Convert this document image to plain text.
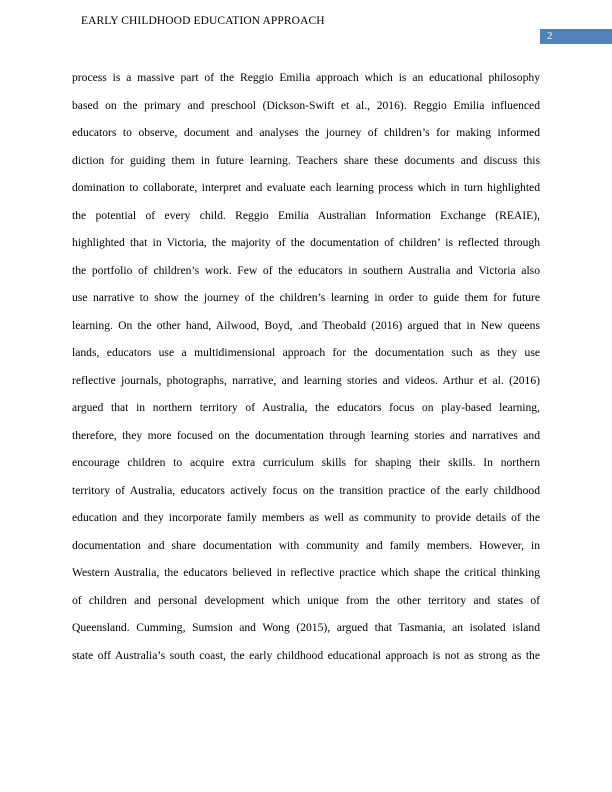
EARLY CHILDHOOD EDUCATION APPROACH
2
process is a massive part of the Reggio Emilia approach which is an educational philosophy
based on the primary and preschool (Dickson-Swift et al., 2016). Reggio Emilia influenced
educators to observe, document and analyses the journey of children’s for making informed
diction for guiding them in future learning. Teachers share these documents and discuss this
domination to collaborate, interpret and evaluate each learning process which in turn highlighted
the potential of every child. Reggio Emilia Australian Information Exchange (REAIE),
highlighted that in Victoria, the majority of the documentation of children’ is reflected through
the portfolio of children’s work. Few of the educators in southern Australia and Victoria also
use narrative to show the journey of the children’s learning in order to guide them for future
learning. On the other hand, Ailwood, Boyd, .and Theobald (2016) argued that in New queens
lands, educators use a multidimensional approach for the documentation such as they use
reflective journals, photographs, narrative, and learning stories and videos. Arthur et al. (2016)
argued that in northern territory of Australia, the educators focus on play-based learning,
therefore, they more focused on the documentation through learning stories and narratives and
encourage children to acquire extra curriculum skills for shaping their skills. In northern
territory of Australia, educators actively focus on the transition practice of the early childhood
education and they incorporate family members as well as community to provide details of the
documentation and share documentation with community and family members. However, in
Western Australia, the educators believed in reflective practice which shape the critical thinking
of children and personal development which unique from the other territory and states of
Queensland. Cumming, Sumsion and Wong (2015), argued that Tasmania, an isolated island
state off Australia’s south coast, the early childhood educational approach is not as strong as the
